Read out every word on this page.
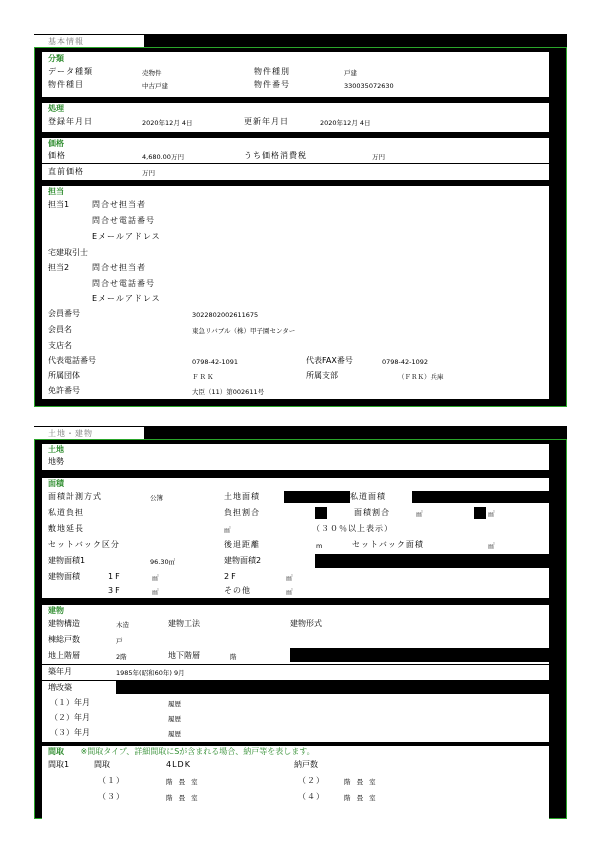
基本情報
分類
データ種類	売物件	物件種別	戸建
物件種目	中古戸建	物件番号	330035072630
処理
登録年月日	2020年12月 4日	更新年月日	2020年12月 4日
価格
価格	4,680.00万円	うち価格消費税	万円
直前価格	万円
担当
担当1	問合せ担当者
問合せ電話番号
Eメールアドレス
宅建取引士
担当2	問合せ担当者
問合せ電話番号
Eメールアドレス
会員番号	3022802002611675
会員名	東急リバブル（株）甲子園センター
支店名
代表電話番号	0798-42-1091	代表FAX番号	0798-42-1092
所属団体	ＦＲＫ	所属支部	（ＦＲＫ）兵庫
免許番号	大臣（11）第002611号
土地・建物
土地
地勢
面積
面積計測方式	公簿	土地面積	私道面積
私道負担	負担割合	面積割合	㎡	㎡
敷地延長	㎡	（３０％以上表示）
セットバック区分	後退距離	m	セットバック面積	㎡
建物面積1	96.30㎡	建物面積2
建物面積	1F	㎡	2F	㎡
3F	㎡	その他	㎡
建物
建物構造	木造	建物工法	建物形式
棟総戸数	戸
地上階層	2階	地下階層	階
築年月	1985年(昭和60年) 9月
増改築
（１）年月	履歴
（２）年月	履歴
（３）年月	履歴
間取 ※間取タイプ、詳細間取にSが含まれる場合、納戸等を表します。
間取1	間取	4LDK	納戸数
（１）	階 畳 室	（２）	階 畳 室
（３）	階 畳 室	（４）	階 畳 室
